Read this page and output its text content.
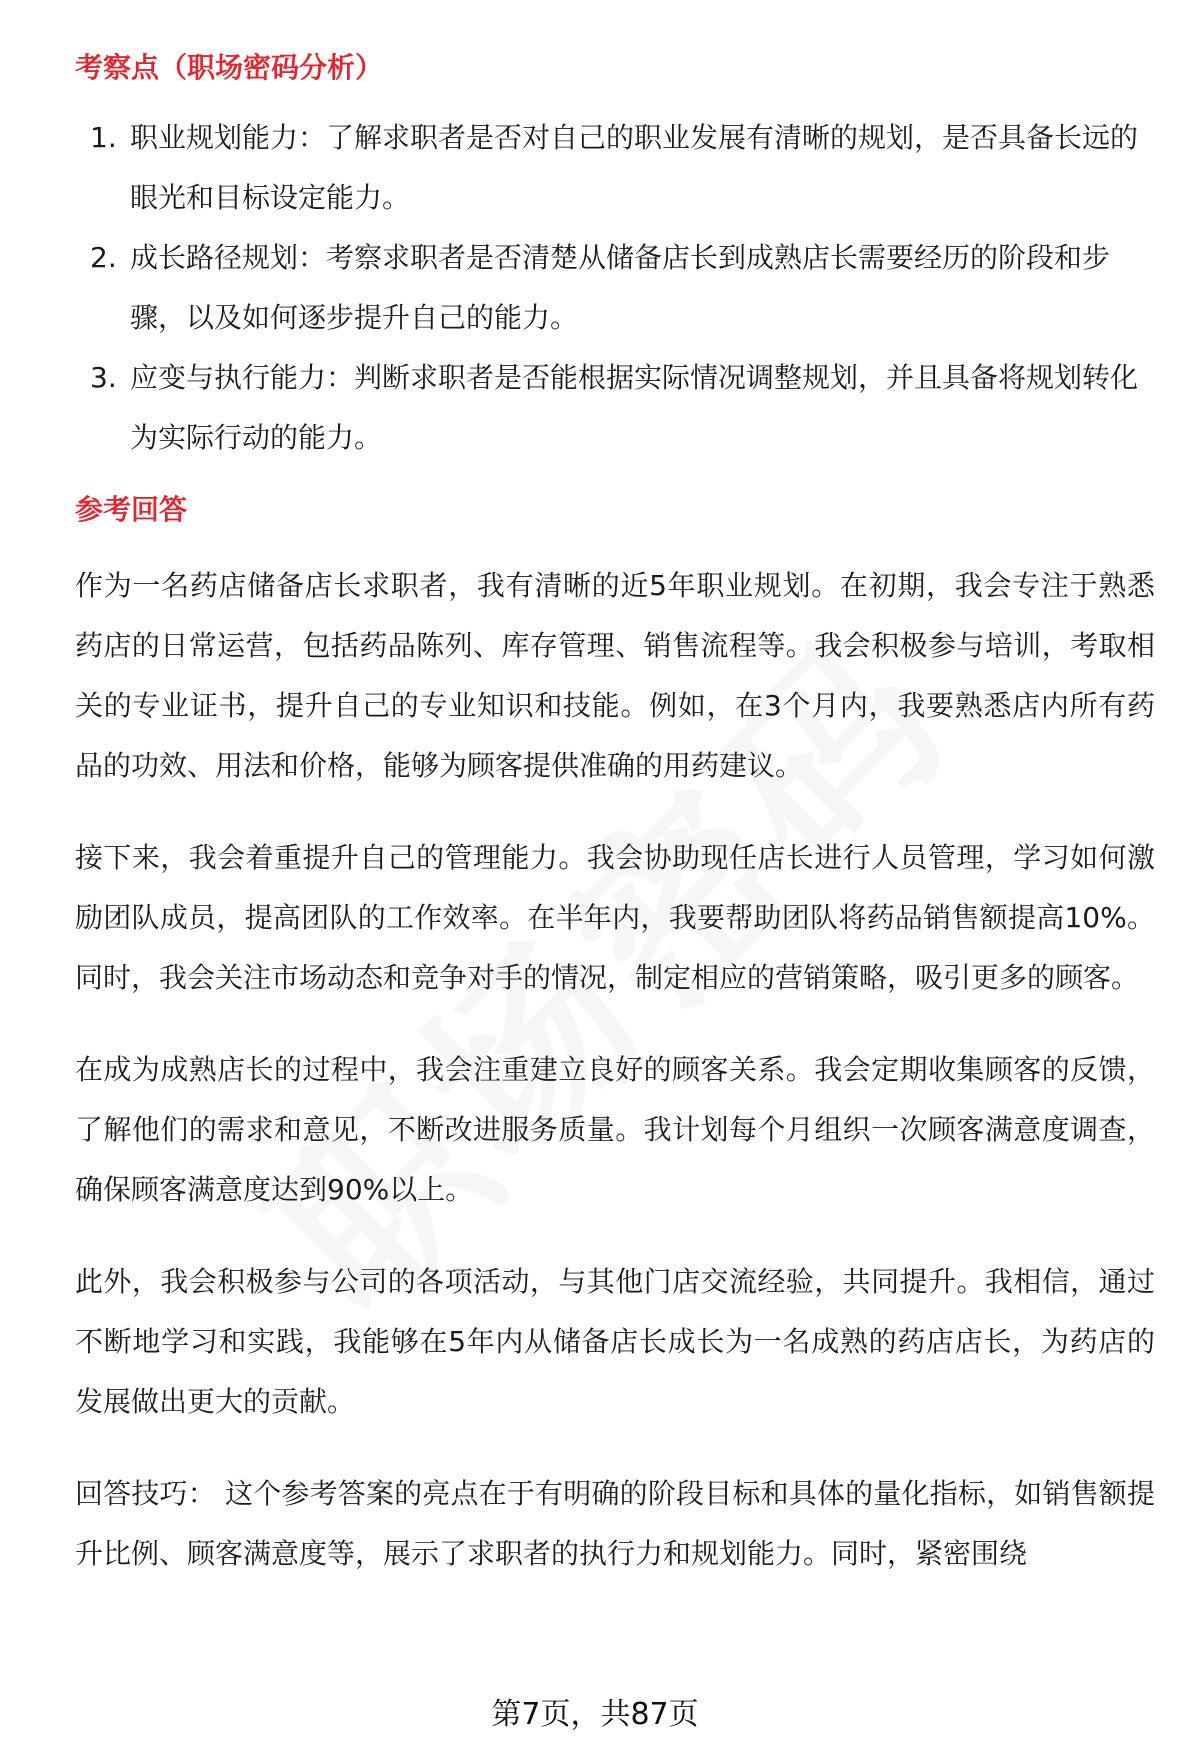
考察点（职场密码分析）
1. 职业规划能力：了解求职者是否对自己的职业发展有清晰的规划，是否具备长远的眼光和目标设定能力。
2. 成长路径规划：考察求职者是否清楚从储备店长到成熟店长需要经历的阶段和步骤，以及如何逐步提升自己的能力。
3. 应变与执行能力：判断求职者是否能根据实际情况调整规划，并且具备将规划转化为实际行动的能力。
参考回答

作为一名药店储备店长求职者，我有清晰的近5年职业规划。在初期，我会专注于熟悉药店的日常运营，包括药品陈列、库存管理、销售流程等。我会积极参与培训，考取相关的专业证书，提升自己的专业知识和技能。例如，在3个月内，我要熟悉店内所有药品的功效、用法和价格，能够为顾客提供准确的用药建议。

接下来，我会着重提升自己的管理能力。我会协助现任店长进行人员管理，学习如何激励团队成员，提高团队的工作效率。在半年内，我要帮助团队将药品销售额提高10%。同时，我会关注市场动态和竞争对手的情况，制定相应的营销策略，吸引更多的顾客。

在成为成熟店长的过程中，我会注重建立良好的顾客关系。我会定期收集顾客的反馈，了解他们的需求和意见，不断改进服务质量。我计划每个月组织一次顾客满意度调查，确保顾客满意度达到90%以上。

此外，我会积极参与公司的各项活动，与其他门店交流经验，共同提升。我相信，通过不断地学习和实践，我能够在5年内从储备店长成长为一名成熟的药店店长，为药店的发展做出更大的贡献。

回答技巧： 这个参考答案的亮点在于有明确的阶段目标和具体的量化指标，如销售额提升比例、顾客满意度等，展示了求职者的执行力和规划能力。同时，紧密围绕

第7页，共87页
